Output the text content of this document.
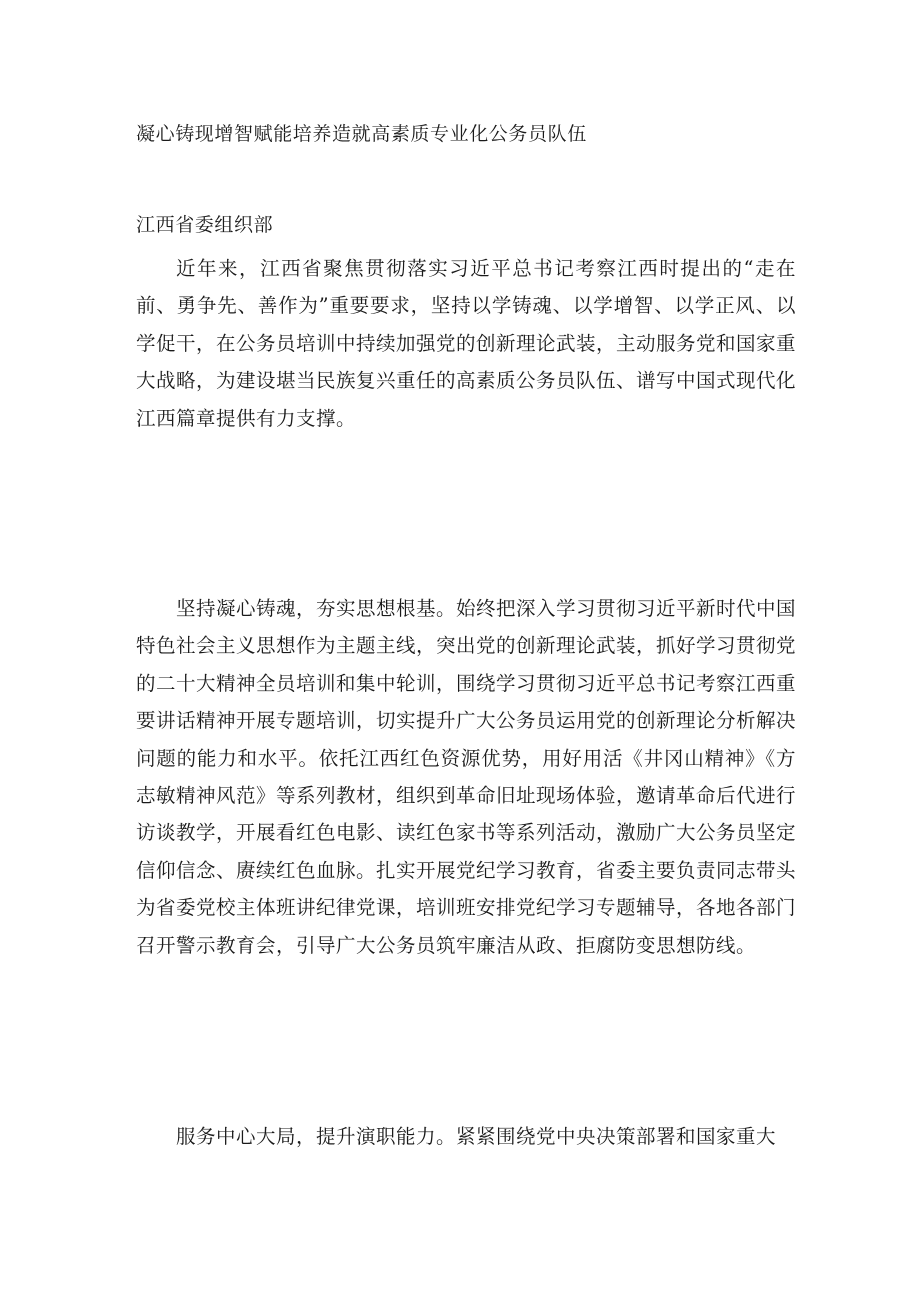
凝心铸现增智赋能培养造就高素质专业化公务员队伍
江西省委组织部

近年来，江西省聚焦贯彻落实习近平总书记考察江西时提出的“走在前、勇争先、善作为”重要要求，坚持以学铸魂、以学增智、以学正风、以学促干，在公务员培训中持续加强党的创新理论武装，主动服务党和国家重大战略，为建设堪当民族复兴重任的高素质公务员队伍、谱写中国式现代化江西篇章提供有力支撑。

坚持凝心铸魂，夯实思想根基。始终把深入学习贯彻习近平新时代中国特色社会主义思想作为主题主线，突出党的创新理论武装，抓好学习贯彻党的二十大精神全员培训和集中轮训，围绕学习贯彻习近平总书记考察江西重要讲话精神开展专题培训，切实提升广大公务员运用党的创新理论分析解决问题的能力和水平。依托江西红色资源优势，用好用活《井冈山精神》《方志敏精神风范》等系列教材，组织到革命旧址现场体验，邀请革命后代进行访谈教学，开展看红色电影、读红色家书等系列活动，激励广大公务员坚定信仰信念、赓续红色血脉。扎实开展党纪学习教育，省委主要负责同志带头为省委党校主体班讲纪律党课，培训班安排党纪学习专题辅导，各地各部门召开警示教育会，引导广大公务员筑牢廉洁从政、拒腐防变思想防线。

服务中心大局，提升演职能力。紧紧围绕党中央决策部署和国家重大
